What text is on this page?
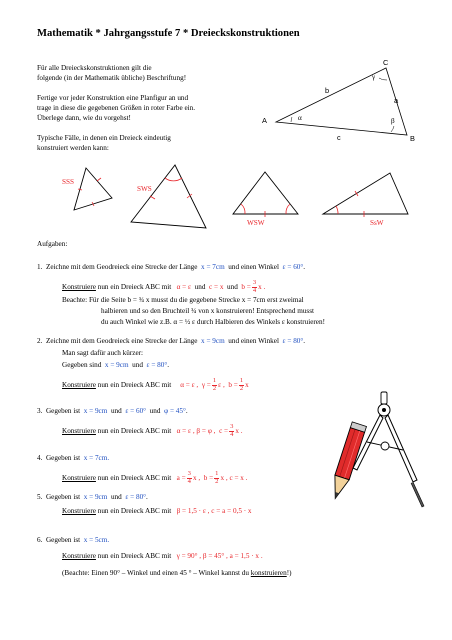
Mathematik * Jahrgangsstufe 7 * Dreieckskonstruktionen
Für alle Dreieckskonstruktionen gilt die
folgende (in der Mathematik übliche) Beschriftung!
Fertige vor jeder Konstruktion eine Planfigur an und
trage in diese die gegebenen Größen in roter Farbe ein.
Überlege dann, wie du vorgehst!
Typische Fälle, in denen ein Dreieck eindeutig
konstruiert werden kann:
A
B
C
a
b
c
α	β
γ
SSS
SWS
WSW	SsW
Aufgaben:
1. Zeichne mit dem Geodreieck eine Strecke der Länge x = 7cm und einen Winkel ε = 60°.
Konstruiere nun ein Dreieck ABC mit α = ε und c = x und $b = \frac{3}{4}$ x .
Beachte: Für die Seite b = ¾ x musst du die gegebene Strecke x = 7cm erst zweimal
halbieren und so den Bruchteil ¾ von x konstruieren! Entsprechend musst
du auch Winkel wie z.B. α = ½ ε durch Halbieren des Winkels ε konstruieren!
2. Zeichne mit dem Geodreieck eine Strecke der Länge x = 9cm und einen Winkel ε = 80°.
Man sagt dafür auch kürzer:
Gegeben sind x = 9cm und ε = 80°.
Konstruiere nun ein Dreieck ABC mit α = ε , $\gamma = \frac{1}{2}$ ε , $b = \frac{1}{2}$ x
3. Gegeben ist x = 9cm und ε = 60° und φ = 45°.
Konstruiere nun ein Dreieck ABC mit α = ε , β = φ , $c = \frac{3}{4}$ x .
4. Gegeben ist x = 7cm.
Konstruiere nun ein Dreieck ABC mit $a = \frac{3}{4}$ x , $b = \frac{1}{2}$ x , c = x .
5. Gegeben ist x = 9cm und ε = 80°.
Konstruiere nun ein Dreieck ABC mit β = 1,5 · ε , c = a = 0,5 · x
6. Gegeben ist x = 5cm.
Konstruiere nun ein Dreieck ABC mit γ = 90° , β = 45° , a = 1,5 · x .
(Beachte: Einen 90° – Winkel und einen 45 ° – Winkel kannst du konstruieren!)
